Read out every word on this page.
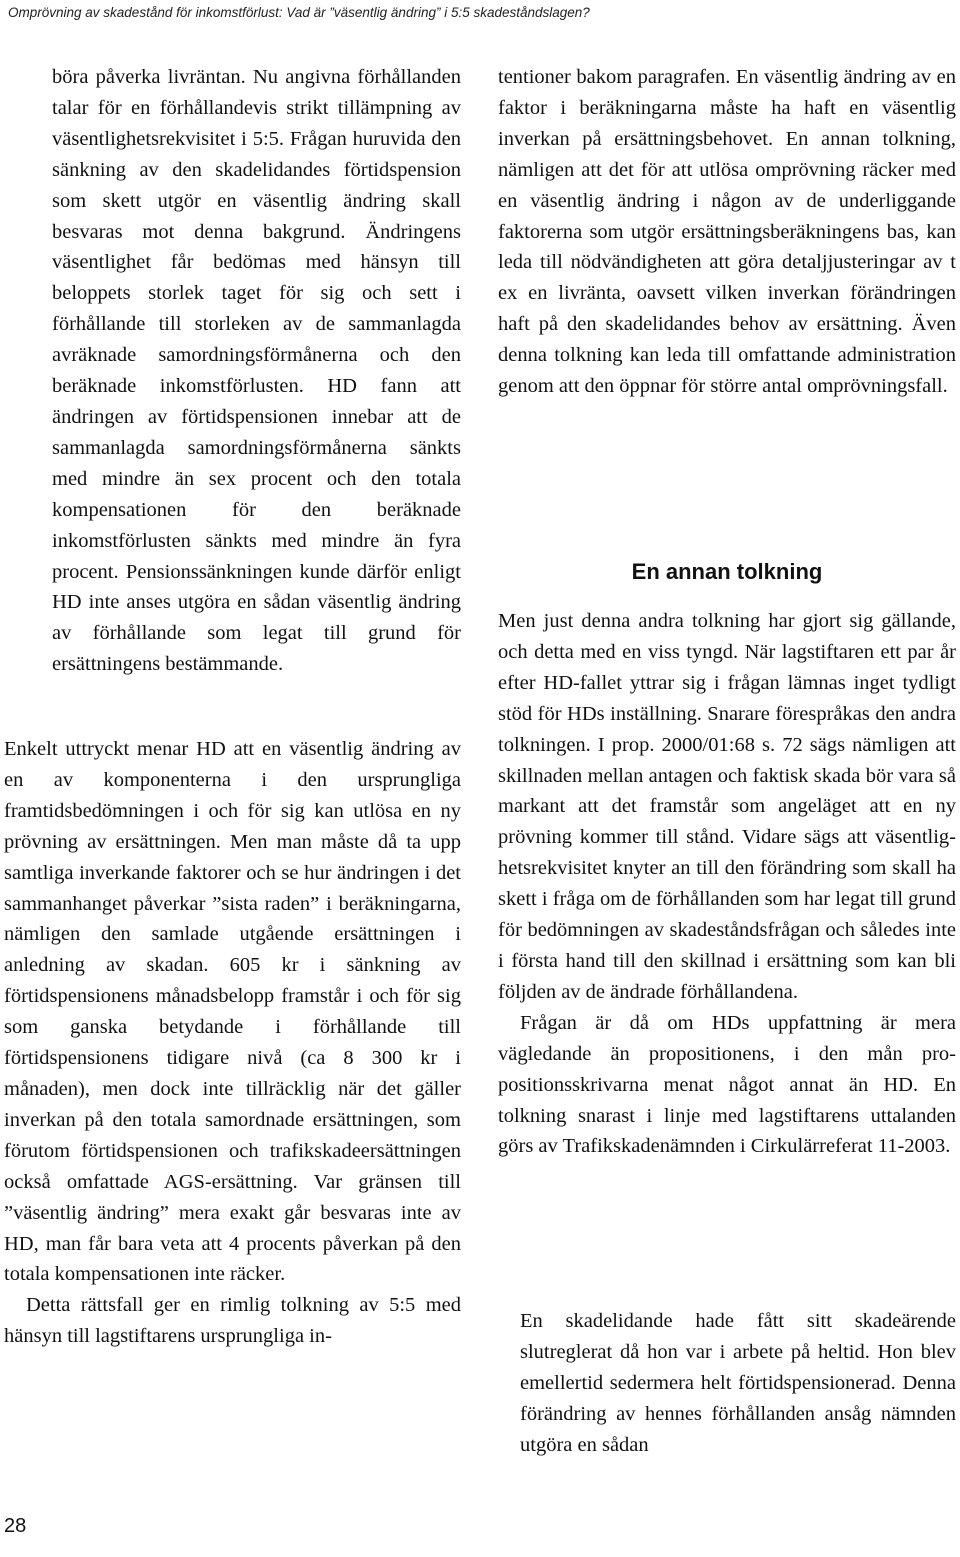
Omprövning av skadestånd för inkomstförlust: Vad är ”väsentlig ändring” i 5:5 skadeståndslagen?

böra påverka livräntan. Nu angivna förhållanden talar för en förhållandevis strikt tillämpning av väsentlighetsrekvisitet i 5:5. Frågan huruvida den sänkning av den skadelidandes förtidspension som skett utgör en väsentlig ändring skall besvaras mot denna bakgrund. Ändringens väsentlighet får bedömas med hänsyn till beloppets storlek taget för sig och sett i förhållande till storleken av de sammanlagda avräknade samordningsförmånerna och den beräknade inkomstförlusten. HD fann att ändringen av förtidspensionen innebar att de sammanlagda samordningsförmånerna sänkts med mindre än sex procent och den totala kompensationen för den beräknade inkomstförlusten sänkts med mindre än fyra procent. Pensionssänkningen kunde därför enligt HD inte anses utgöra en sådan väsentlig ändring av förhållande som legat till grund för ersättningens bestämmande.

Enkelt uttryckt menar HD att en väsentlig ändring av en av komponenterna i den ursprungliga framtidsbedömningen i och för sig kan utlösa en ny prövning av ersättningen. Men man måste då ta upp samtliga inverkande faktorer och se hur ändringen i det sammanhanget påverkar ”sista raden” i beräkningarna, nämligen den samlade utgående ersättningen i anledning av skadan. 605 kr i sänkning av förtidspensionens månadsbelopp framstår i och för sig som ganska betydande i förhållande till förtidspensionens tidigare nivå (ca 8 300 kr i månaden), men dock inte tillräcklig när det gäller inverkan på den totala samordnade ersättningen, som förutom förtidspensionen och trafikskadeersättningen också omfattade AGS-ersättning. Var gränsen till ”väsentlig ändring” mera exakt går besvaras inte av HD, man får bara veta att 4 procents påverkan på den totala kompensationen inte räcker.

Detta rättsfall ger en rimlig tolkning av 5:5 med hänsyn till lagstiftarens ursprungliga in-

tentioner bakom paragrafen. En väsentlig ändring av en faktor i beräkningarna måste ha haft en väsentlig inverkan på ersättningsbehovet. En annan tolkning, nämligen att det för att utlösa omprövning räcker med en väsentlig ändring i någon av de underliggande faktorerna som utgör ersättningsberäkningens bas, kan leda till nödvändigheten att göra detaljjusteringar av t ex en livränta, oavsett vilken inverkan förändringen haft på den skadelidandes behov av ersättning. Även denna tolkning kan leda till omfattande administration genom att den öppnar för större antal omprövningsfall.

En annan tolkning

Men just denna andra tolkning har gjort sig gällande, och detta med en viss tyngd. När lagstiftaren ett par år efter HD-fallet yttrar sig i frågan lämnas inget tydligt stöd för HDs inställning. Snarare förespråkas den andra tolkningen. I prop. 2000/01:68 s. 72 sägs nämligen att skillnaden mellan antagen och faktisk skada bör vara så markant att det framstår som angeläget att en ny prövning kommer till stånd. Vidare sägs att väsentlighetsrekvisitet knyter an till den förändring som skall ha skett i fråga om de förhållanden som har legat till grund för bedömningen av skadeståndsfrågan och således inte i första hand till den skillnad i ersättning som kan bli följden av de ändrade förhållandena.

Frågan är då om HDs uppfattning är mera vägledande än propositionens, i den mån propositionsskrivarna menat något annat än HD. En tolkning snarast i linje med lagstiftarens uttalanden görs av Trafikskadenämnden i Cirkulärreferat 11-2003.

En skadelidande hade fått sitt skadeärende slutreglerat då hon var i arbete på heltid. Hon blev emellertid sedermera helt förtidspensionerad. Denna förändring av hennes förhållanden ansåg nämnden utgöra en sådan

28
